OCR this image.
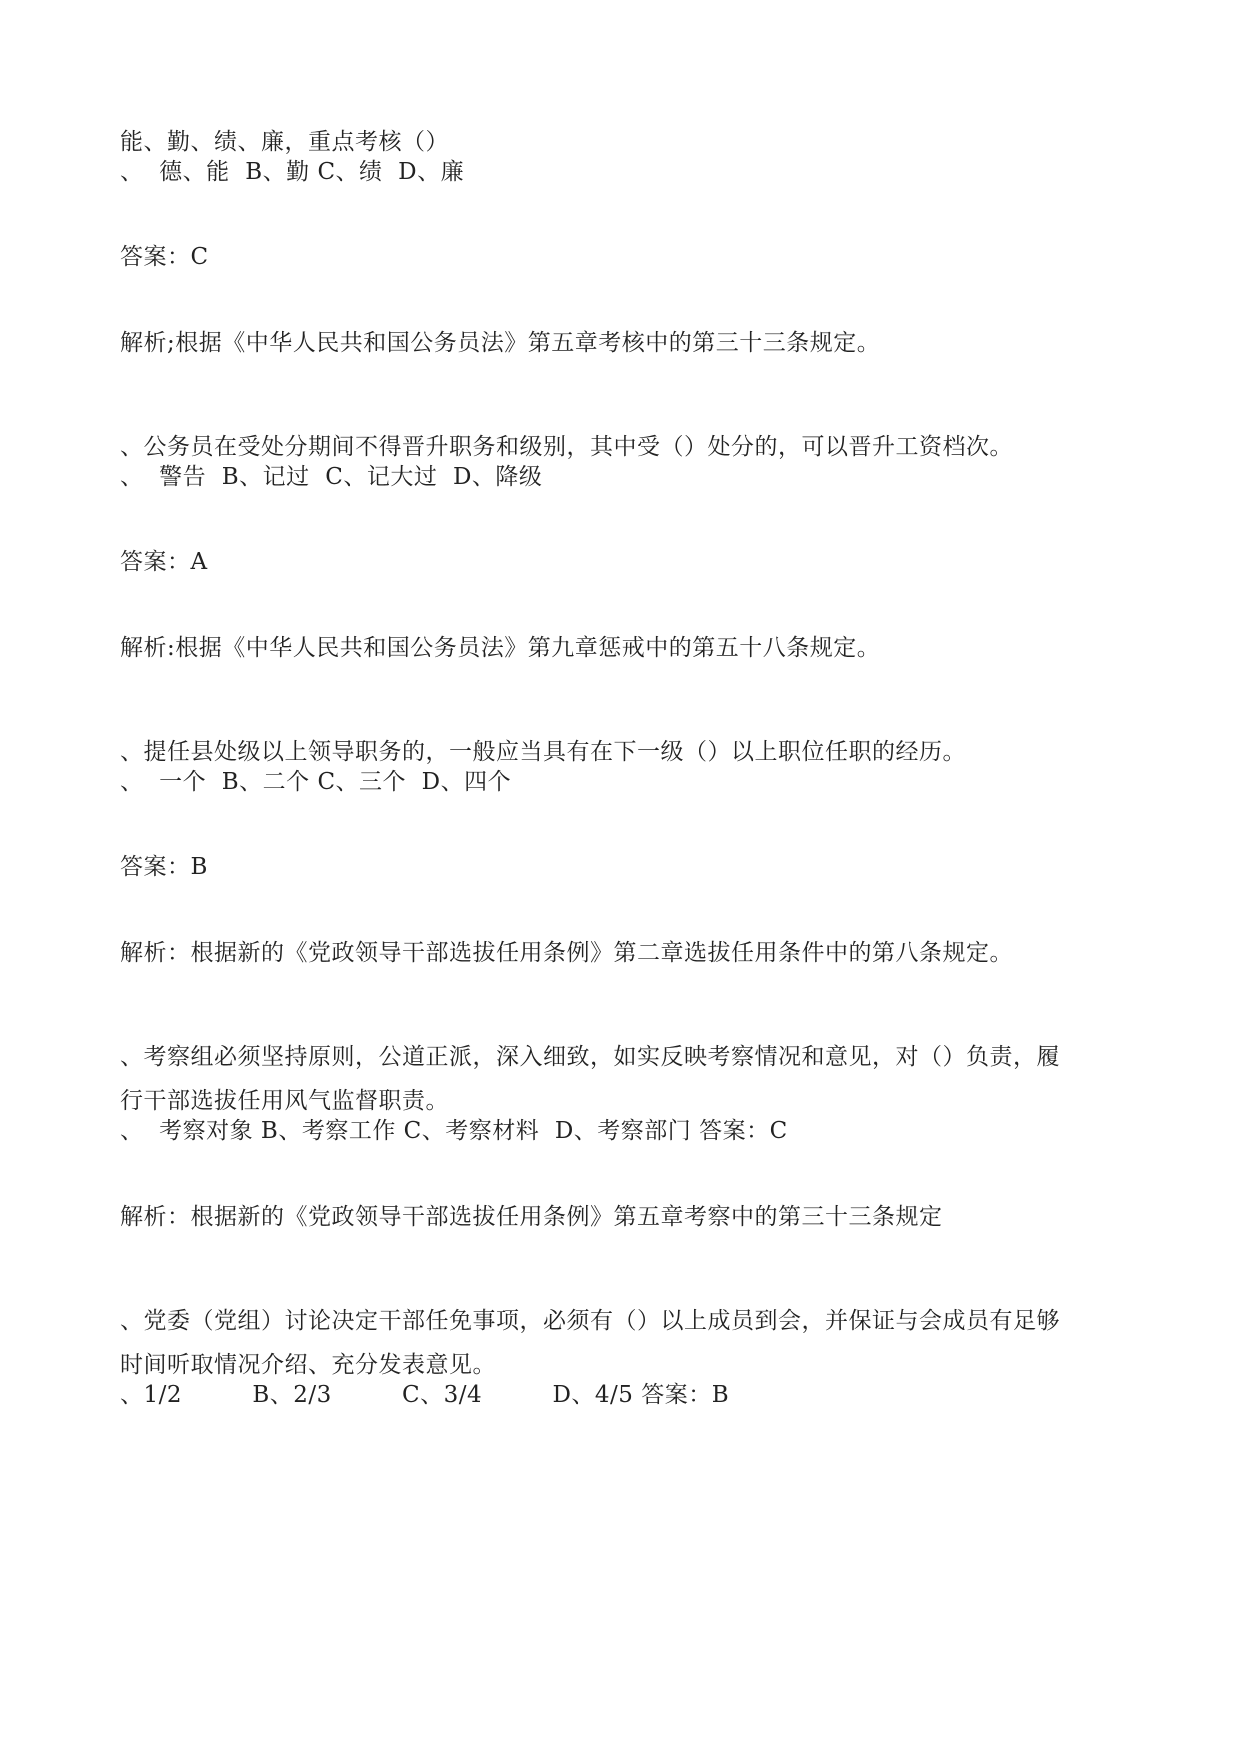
能、勤、绩、廉，重点考核（）
、  德、能  B、勤 C、绩  D、廉
答案：C
解析;根据《中华人民共和国公务员法》第五章考核中的第三十三条规定。
、公务员在受处分期间不得晋升职务和级别，其中受（）处分的，可以晋升工资档次。
、  警告  B、记过  C、记大过  D、降级
答案：A
解析:根据《中华人民共和国公务员法》第九章惩戒中的第五十八条规定。
、提任县处级以上领导职务的，一般应当具有在下一级（）以上职位任职的经历。
、  一个  B、二个 C、三个  D、四个
答案：B
解析：根据新的《党政领导干部选拔任用条例》第二章选拔任用条件中的第八条规定。
、考察组必须坚持原则，公道正派，深入细致，如实反映考察情况和意见，对（）负责，履
行干部选拔任用风气监督职责。
、  考察对象 B、考察工作 C、考察材料  D、考察部门 答案：C
解析：根据新的《党政领导干部选拔任用条例》第五章考察中的第三十三条规定
、党委（党组）讨论决定干部任免事项，必须有（）以上成员到会，并保证与会成员有足够
时间听取情况介绍、充分发表意见。
、1/2         B、2/3         C、3/4         D、4/5 答案：B
